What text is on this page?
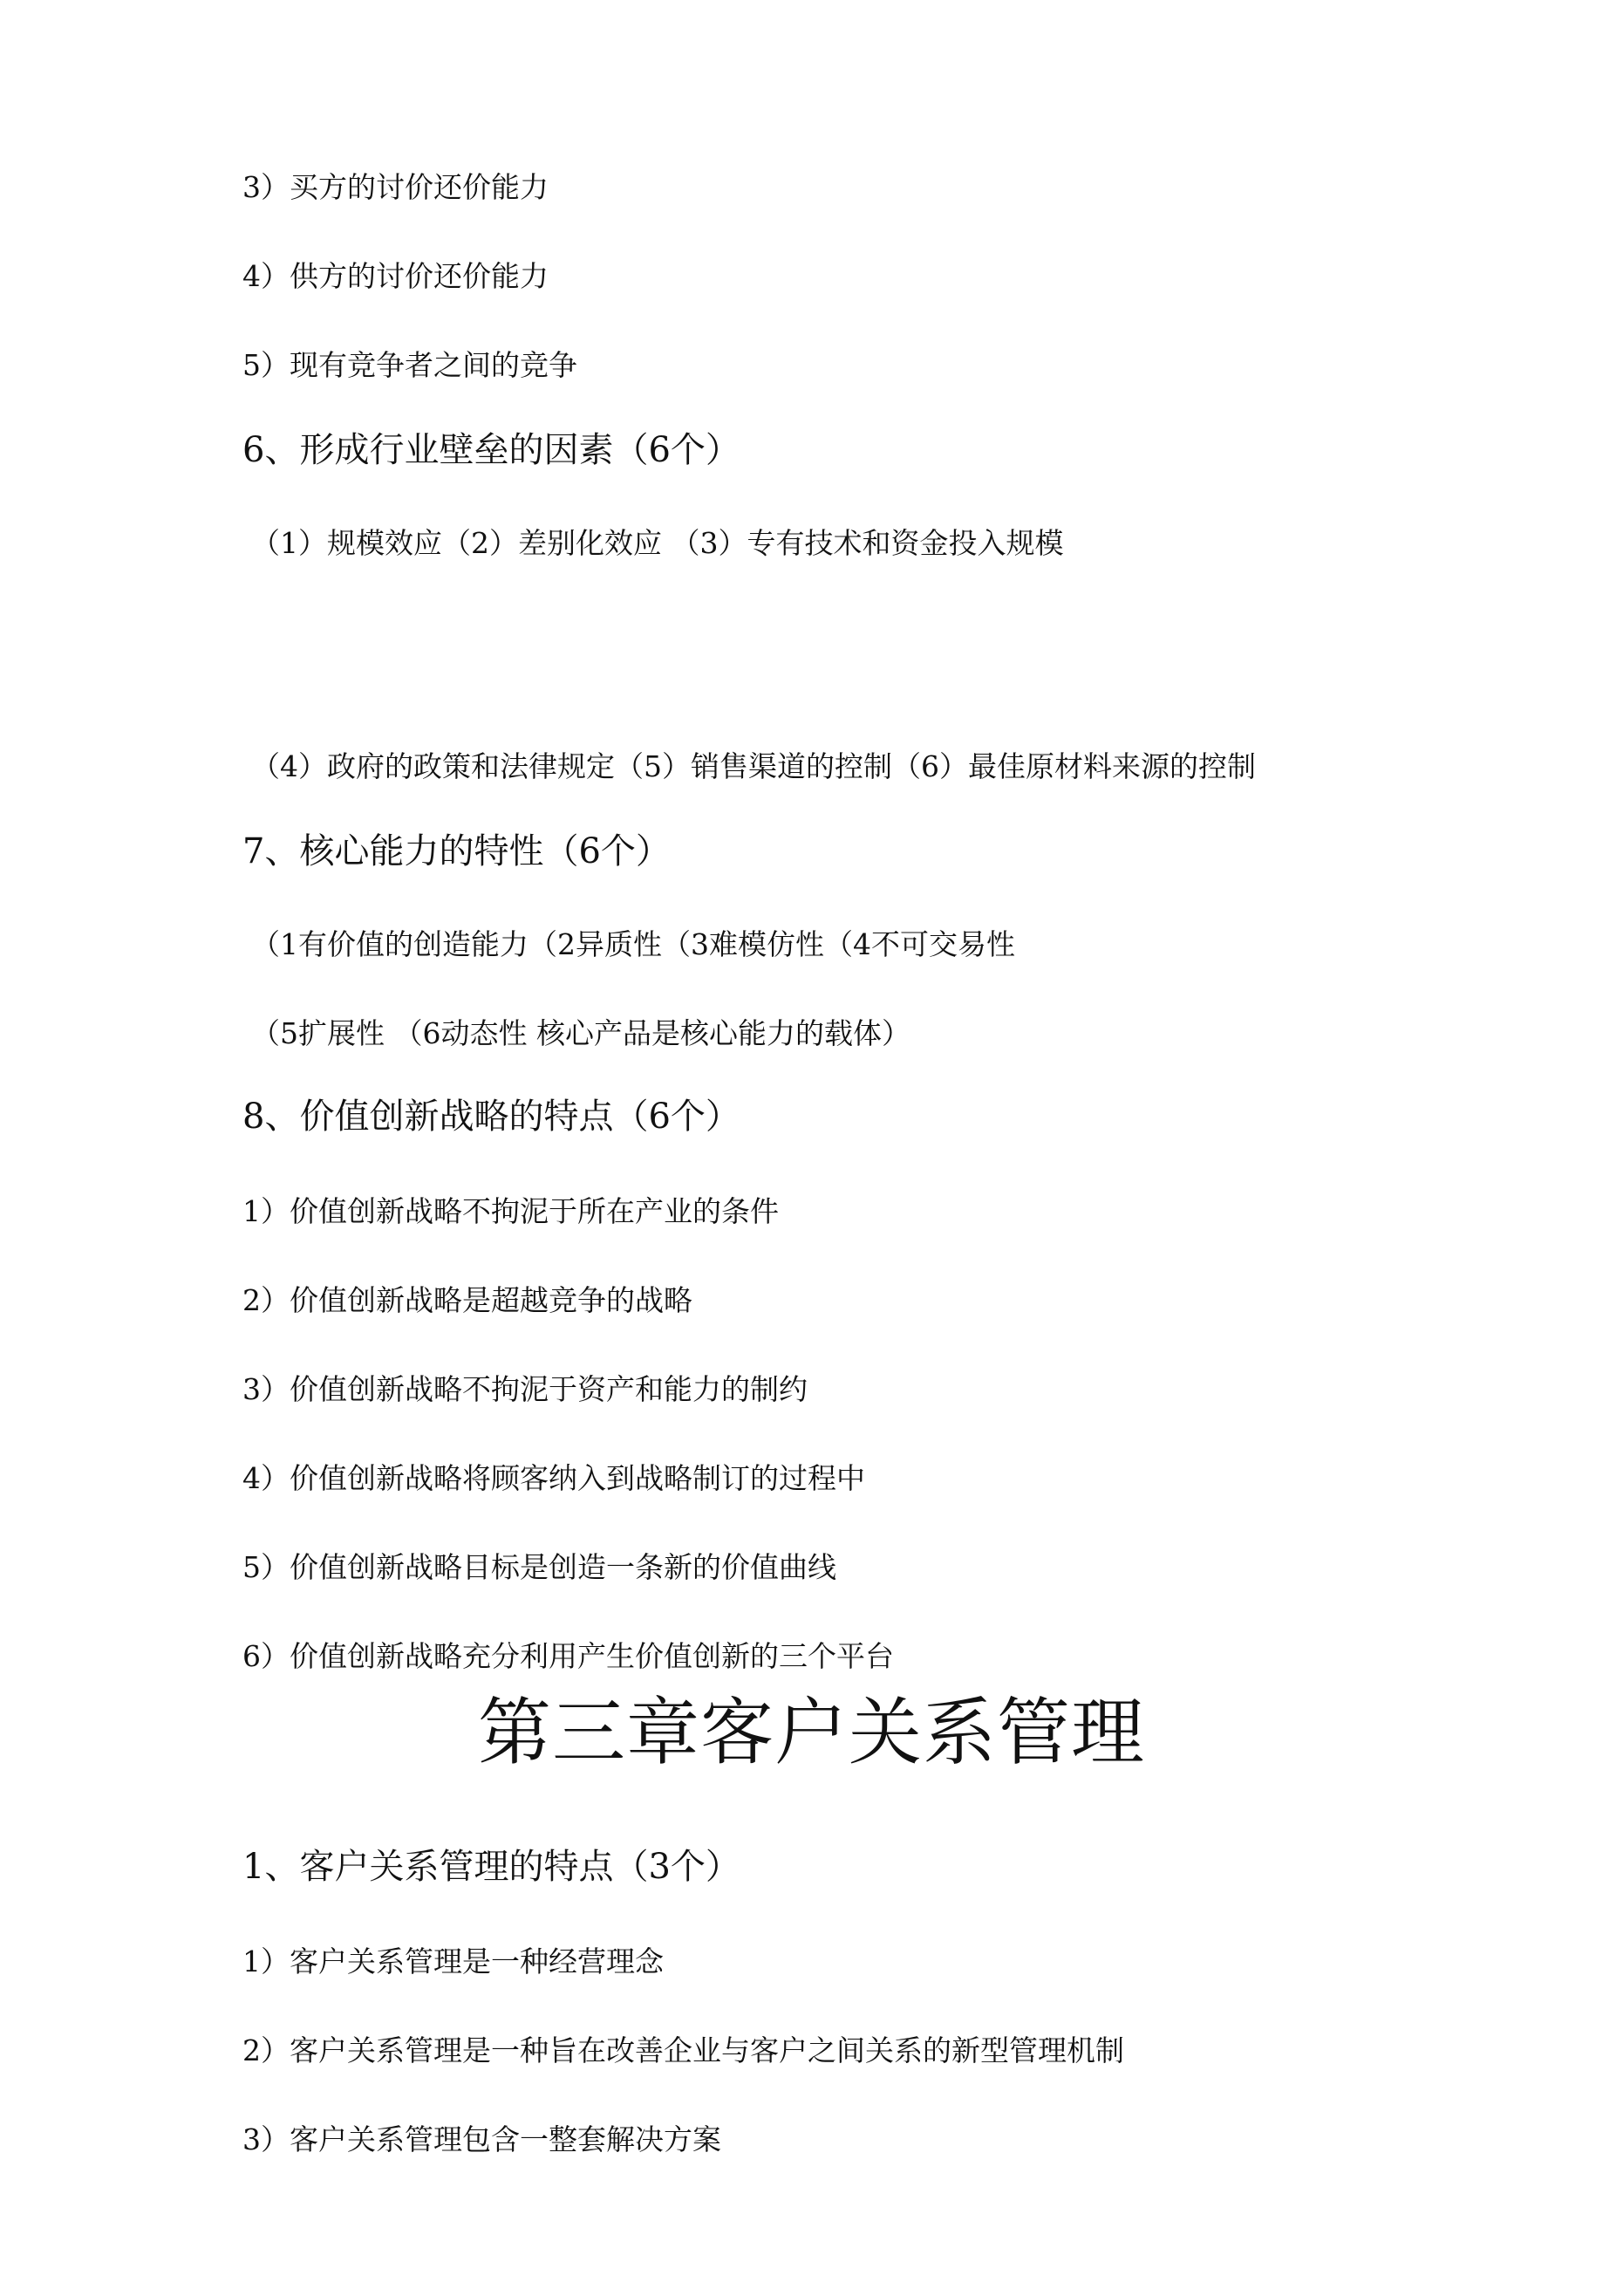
3）买方的讨价还价能力
4）供方的讨价还价能力
5）现有竞争者之间的竞争
6、形成行业壁垒的因素（6个）
（1）规模效应（2）差别化效应 （3）专有技术和资金投入规模
（4）政府的政策和法律规定（5）销售渠道的控制（6）最佳原材料来源的控制
7、核心能力的特性（6个）
（1有价值的创造能力（2异质性（3难模仿性（4不可交易性
（5扩展性 （6动态性 核心产品是核心能力的载体）
8、价值创新战略的特点（6个）
1）价值创新战略不拘泥于所在产业的条件
2）价值创新战略是超越竞争的战略
3）价值创新战略不拘泥于资产和能力的制约
4）价值创新战略将顾客纳入到战略制订的过程中
5）价值创新战略目标是创造一条新的价值曲线
6）价值创新战略充分利用产生价值创新的三个平台
第三章客户关系管理
1、客户关系管理的特点（3个）
1）客户关系管理是一种经营理念
2）客户关系管理是一种旨在改善企业与客户之间关系的新型管理机制
3）客户关系管理包含一整套解决方案
